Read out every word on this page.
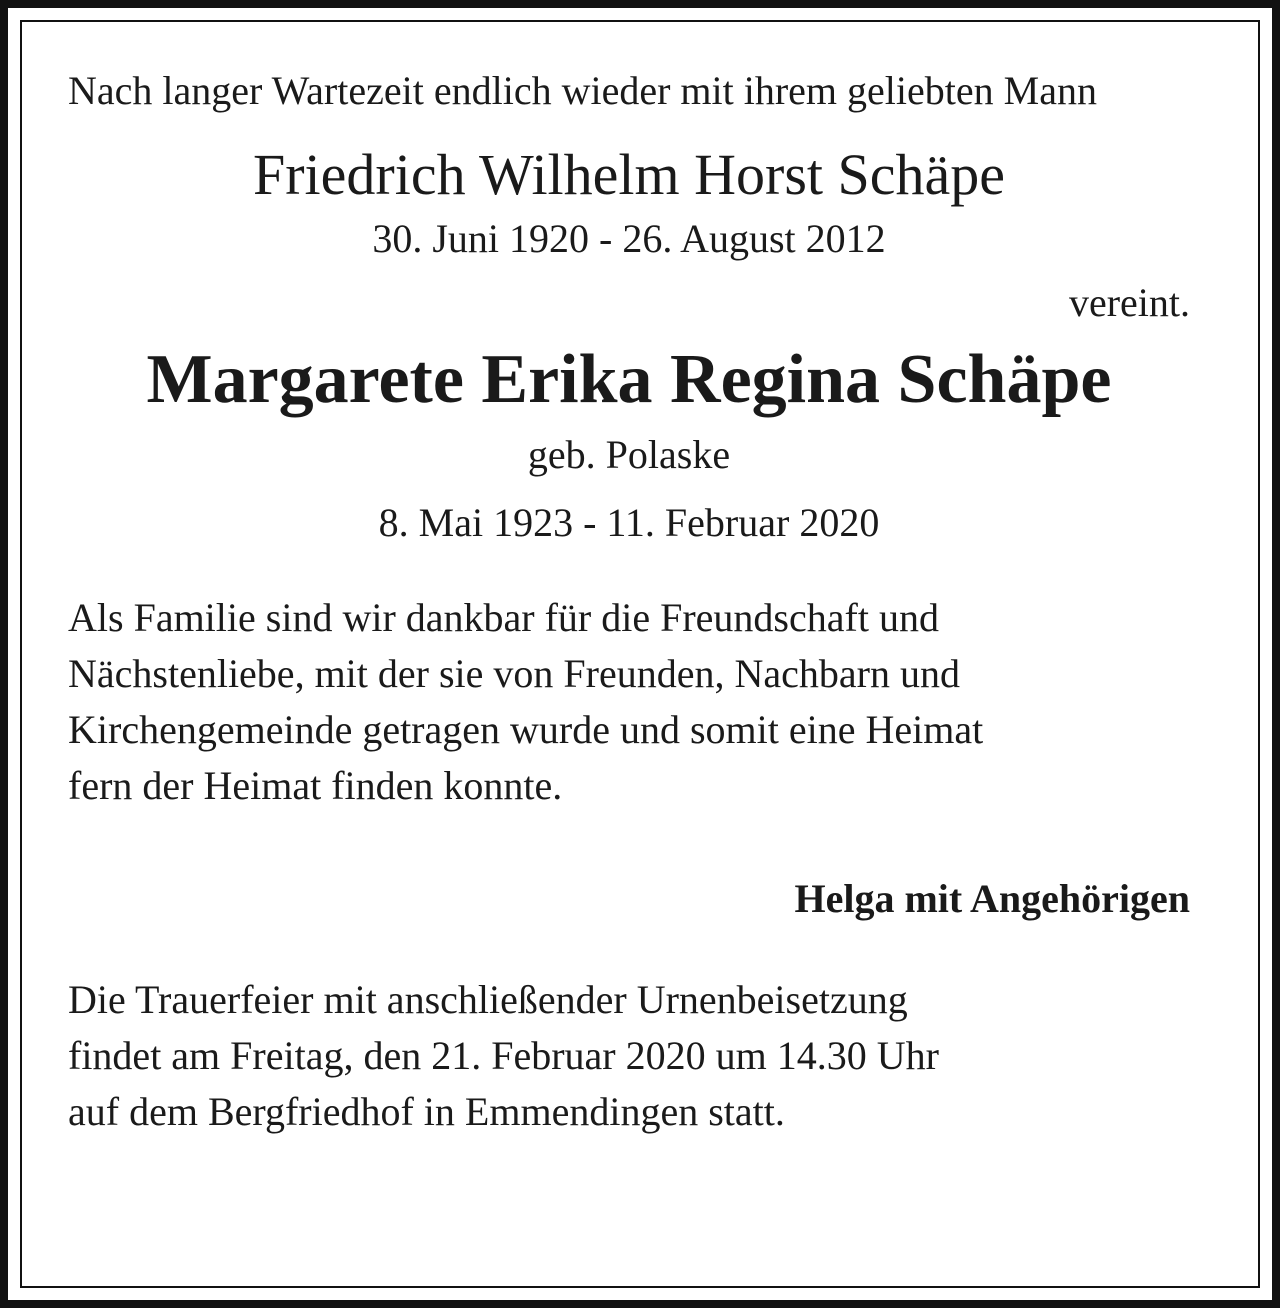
Nach langer Wartezeit endlich wieder mit ihrem geliebten Mann

Friedrich Wilhelm Horst Schäpe

30. Juni 1920 - 26. August 2012

vereint.

Margarete Erika Regina Schäpe

geb. Polaske

8. Mai 1923 - 11. Februar 2020

Als Familie sind wir dankbar für die Freundschaft und
Nächstenliebe, mit der sie von Freunden, Nachbarn und
Kirchengemeinde getragen wurde und somit eine Heimat
fern der Heimat finden konnte.

Helga mit Angehörigen

Die Trauerfeier mit anschließender Urnenbeisetzung
findet am Freitag, den 21. Februar 2020 um 14.30 Uhr
auf dem Bergfriedhof in Emmendingen statt.
